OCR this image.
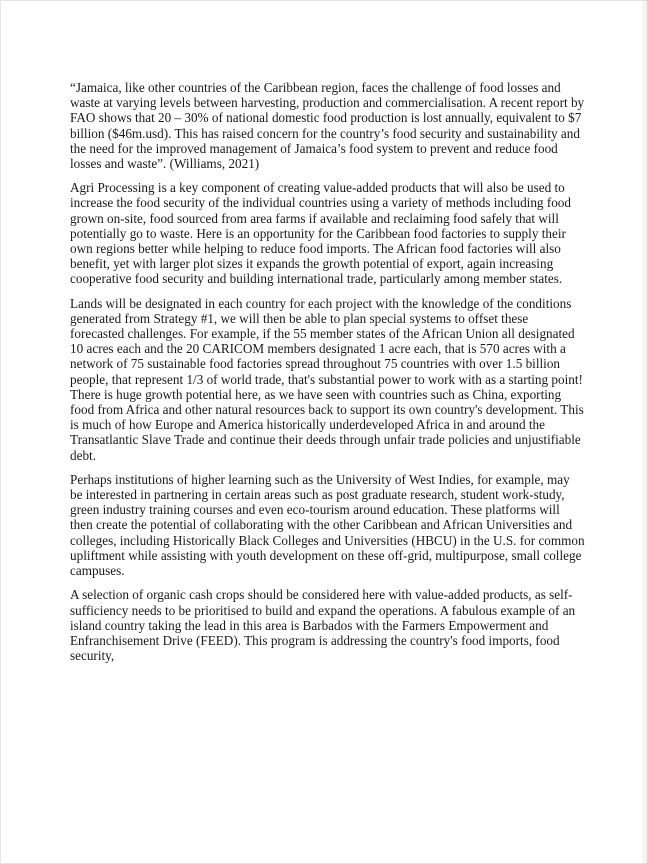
“Jamaica, like other countries of the Caribbean region, faces the challenge of food losses and waste at varying levels between harvesting, production and commercialisation. A recent report by FAO shows that 20 – 30% of national domestic food production is lost annually, equivalent to $7 billion ($46m.usd). This has raised concern for the country’s food security and sustainability and the need for the improved management of Jamaica’s food system to prevent and reduce food losses and waste”. (Williams, 2021)

Agri Processing is a key component of creating value-added products that will also be used to increase the food security of the individual countries using a variety of methods including food grown on-site, food sourced from area farms if available and reclaiming food safely that will potentially go to waste. Here is an opportunity for the Caribbean food factories to supply their own regions better while helping to reduce food imports. The African food factories will also benefit, yet with larger plot sizes it expands the growth potential of export, again increasing cooperative food security and building international trade, particularly among member states.

Lands will be designated in each country for each project with the knowledge of the conditions generated from Strategy #1, we will then be able to plan special systems to offset these forecasted challenges. For example, if the 55 member states of the African Union all designated 10 acres each and the 20 CARICOM members designated 1 acre each, that is 570 acres with a network of 75 sustainable food factories spread throughout 75 countries with over 1.5 billion people, that represent 1/3 of world trade, that's substantial power to work with as a starting point! There is huge growth potential here, as we have seen with countries such as China, exporting food from Africa and other natural resources back to support its own country's development. This is much of how Europe and America historically underdeveloped Africa in and around the Transatlantic Slave Trade and continue their deeds through unfair trade policies and unjustifiable debt.

Perhaps institutions of higher learning such as the University of West Indies, for example, may be interested in partnering in certain areas such as post graduate research, student work-study, green industry training courses and even eco-tourism around education. These platforms will then create the potential of collaborating with the other Caribbean and African Universities and colleges, including Historically Black Colleges and Universities (HBCU) in the U.S. for common upliftment while assisting with youth development on these off-grid, multipurpose, small college campuses.

A selection of organic cash crops should be considered here with value-added products, as self-sufficiency needs to be prioritised to build and expand the operations. A fabulous example of an island country taking the lead in this area is Barbados with the Farmers Empowerment and Enfranchisement Drive (FEED). This program is addressing the country's food imports, food security,
